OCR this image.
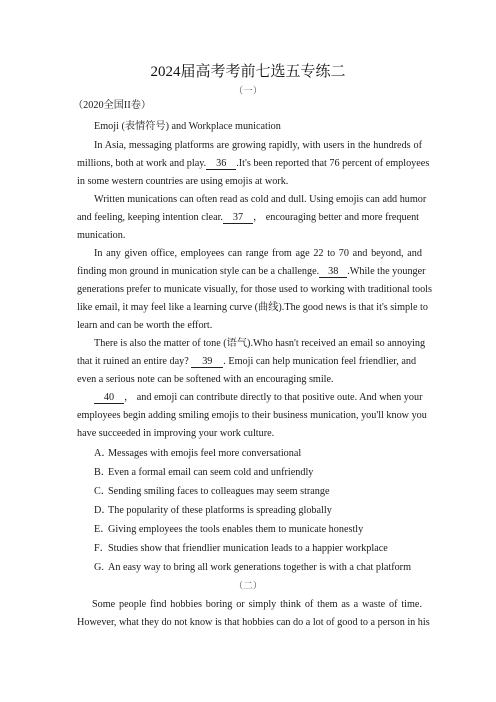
2024届高考考前七选五专练二
（一）
（2020全国II卷）
Emoji (表情符号) and Workplace munication
In Asia, messaging platforms are growing rapidly, with users in the hundreds of
millions, both at work and play. 36 .It's been reported that 76 percent of employees
in some western countries are using emojis at work.
Written munications can often read as cold and dull. Using emojis can add humor
and feeling, keeping intention clear. 37 ， encouraging better and more frequent
munication.
In any given office, employees can range from age 22 to 70 and beyond, and
finding mon ground in munication style can be a challenge. 38 .While the younger
generations prefer to municate visually, for those used to working with traditional tools
like email, it may feel like a learning curve (曲线).The good news is that it's simple to
learn and can be worth the effort.
There is also the matter of tone (语气).Who hasn't received an email so annoying
that it ruined an entire day? 39 . Emoji can help munication feel friendlier, and
even a serious note can be softened with an encouraging smile.
40 ， and emoji can contribute directly to that positive oute. And when your
employees begin adding smiling emojis to their business munication, you'll know you
have succeeded in improving your work culture.
A．Messages with emojis feel more conversational
B．Even a formal email can seem cold and unfriendly
C．Sending smiling faces to colleagues may seem strange
D．The popularity of these platforms is spreading globally
E．Giving employees the tools enables them to municate honestly
F．Studies show that friendlier munication leads to a happier workplace
G. An easy way to bring all work generations together is with a chat platform
（二）
Some people find hobbies boring or simply think of them as a waste of time.
However, what they do not know is that hobbies can do a lot of good to a person in his
